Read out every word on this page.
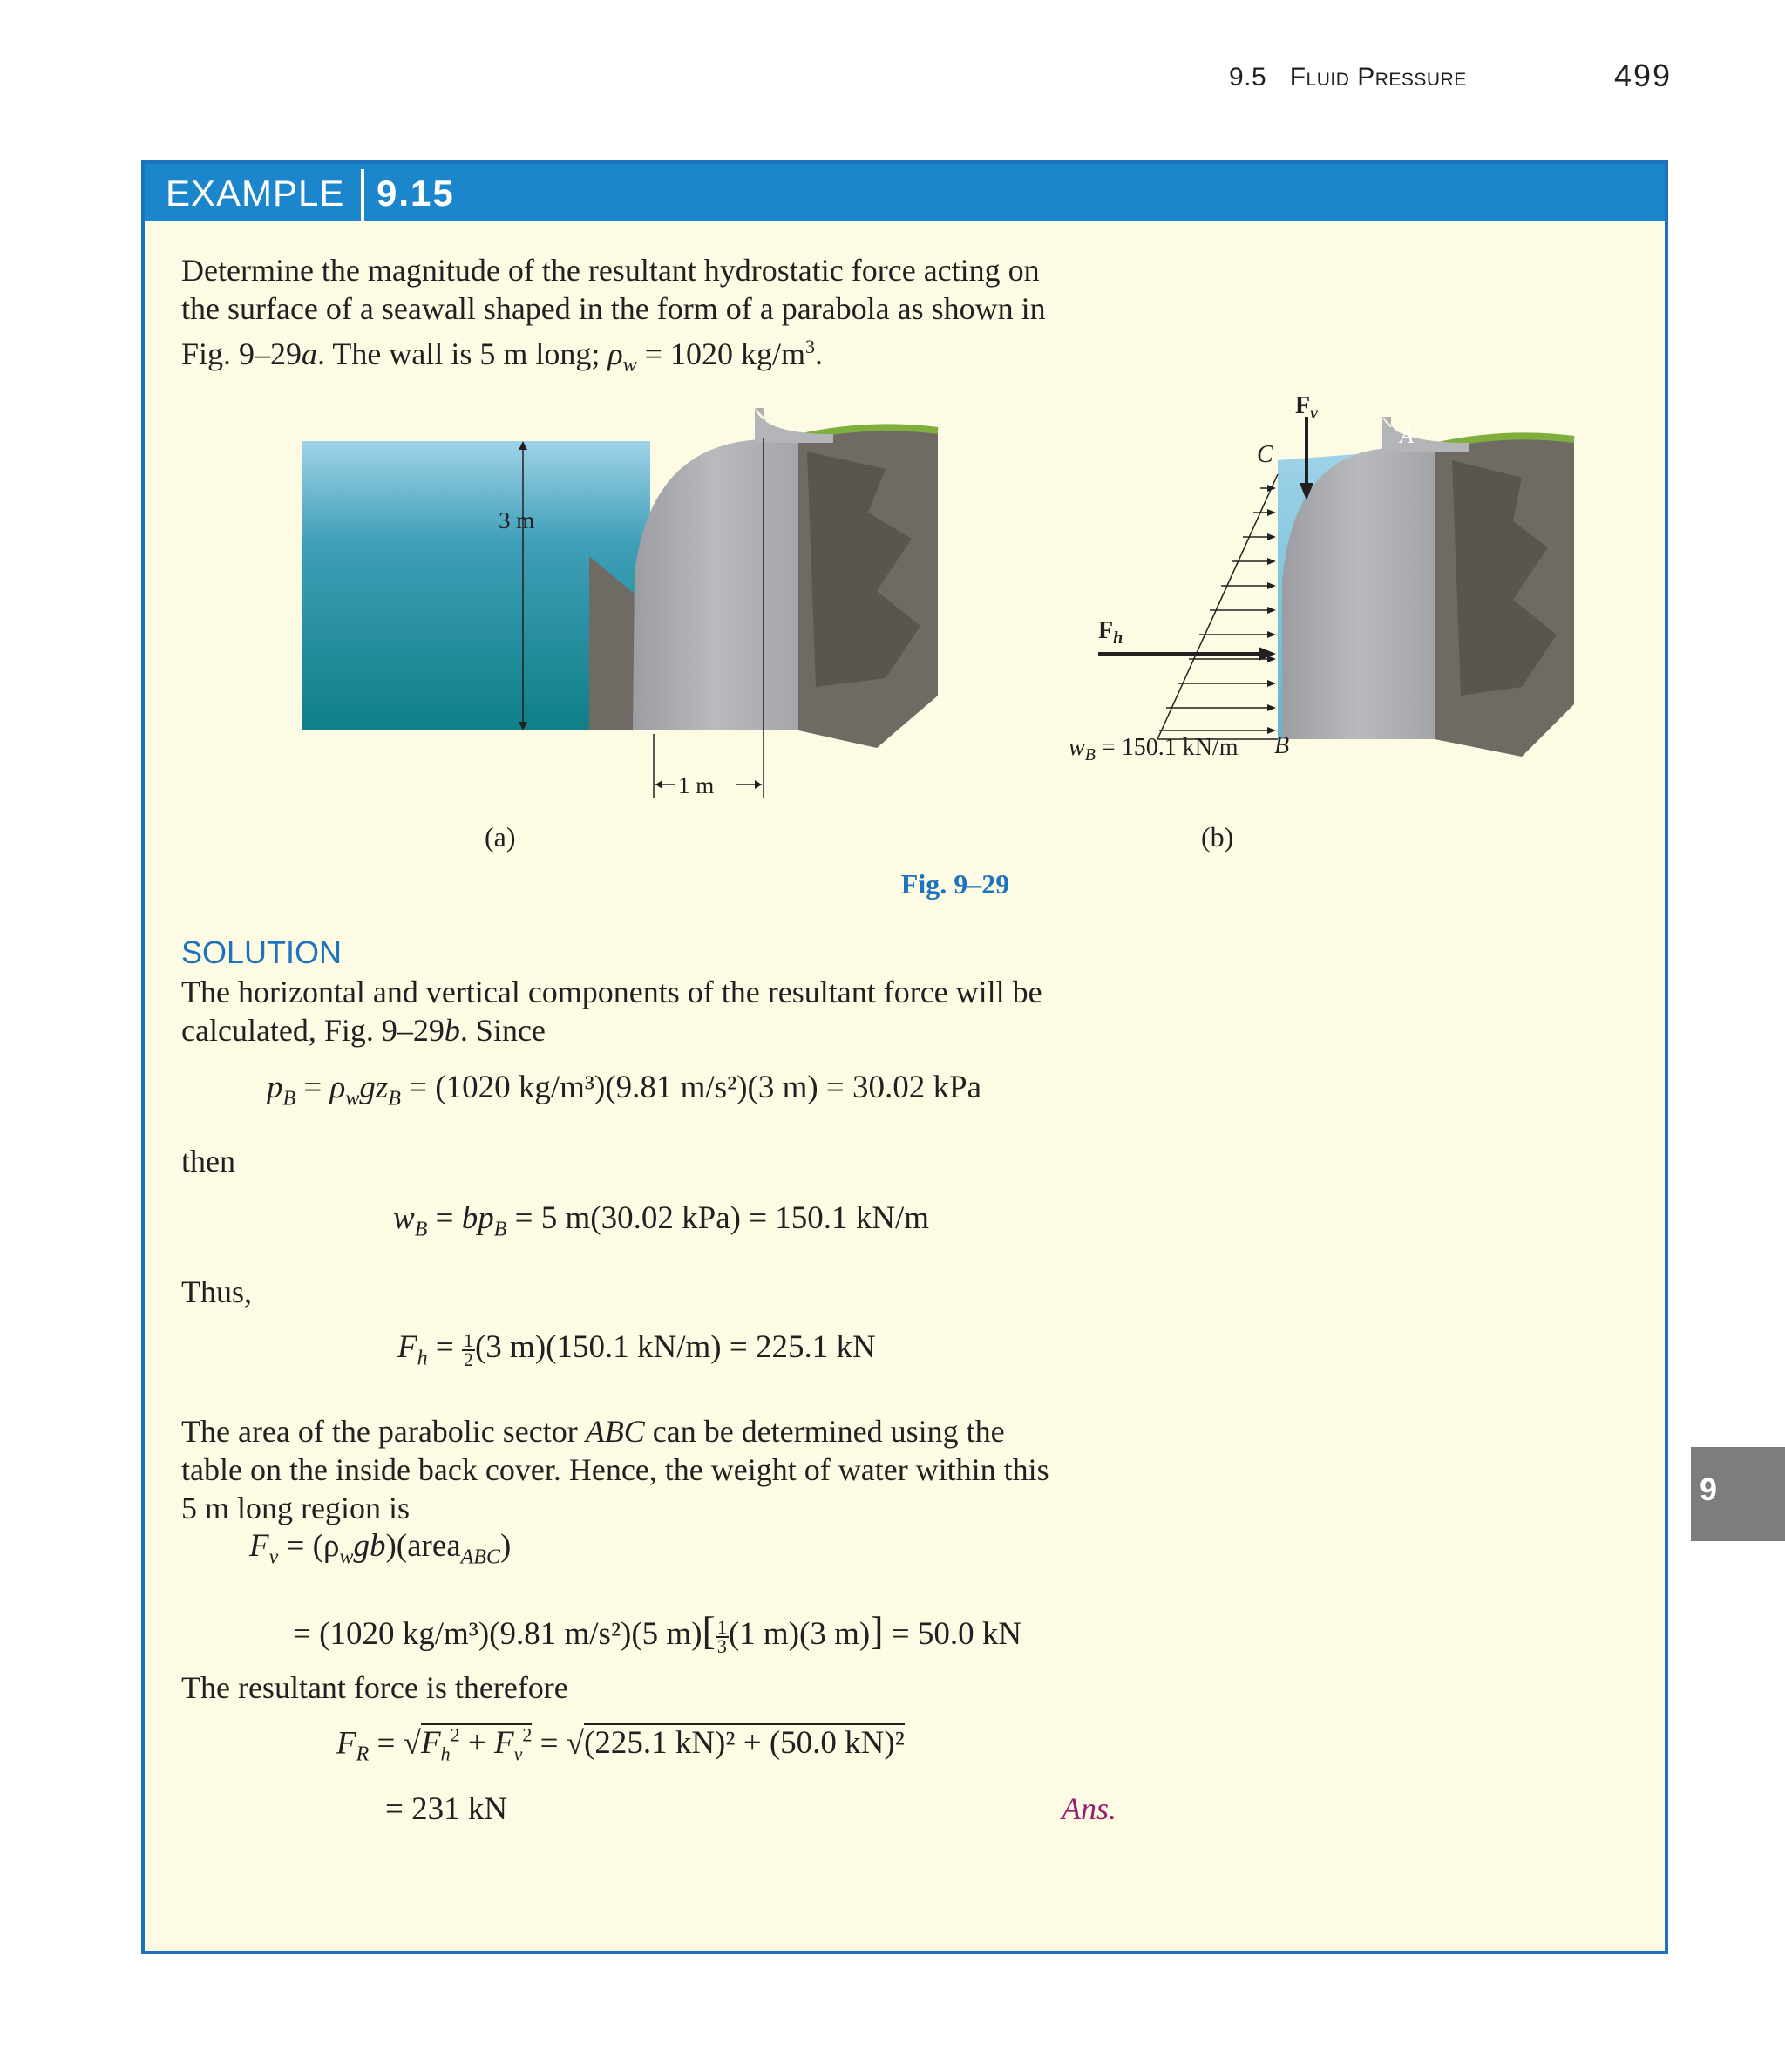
9.5 Fluid Pressure	499
EXAMPLE 9.15
Determine the magnitude of the resultant hydrostatic force acting on
the surface of a seawall shaped in the form of a parabola as shown in
Fig. 9–29a. The wall is 5 m long; $\rho_w = 1020$ $kg/m^3$.
3 m
1 m
(a)
A
C
B
$F_h$
$F_v$
$w_B = 150.1$ kN/m
(b)
Fig. 9–29
SOLUTION
The horizontal and vertical components of the resultant force will be
calculated, Fig. 9–29b. Since
$p_B = \rho_wgz_B = (1020$ kg/m³)(9.81 m/s²)(3 m) = 30.02 kPa
then
$w_B = bp_B = 5$ m(30.02 kPa) = 150.1 kN/m
Thus,
$F_h = \frac{1}{2} (3$ m)(150.1 kN/m) = 225.1 kN
The area of the parabolic sector ABC can be determined using the
table on the inside back cover. Hence, the weight of water within this
5 m long region is
$F_v$ = $(\rho_wgb)(area_{ABC})$
= (1020 kg/m³)(9.81 m/s²)(5 $m)[ \frac{1}{3} (1$ m)(3 m)] = 50.0 kN
The resultant force is therefore
$F_R = √F_h^2 + F_v^2 = √(225.1$ kN)² + (50.0 kN)²
= 231 kN	Ans.
9
